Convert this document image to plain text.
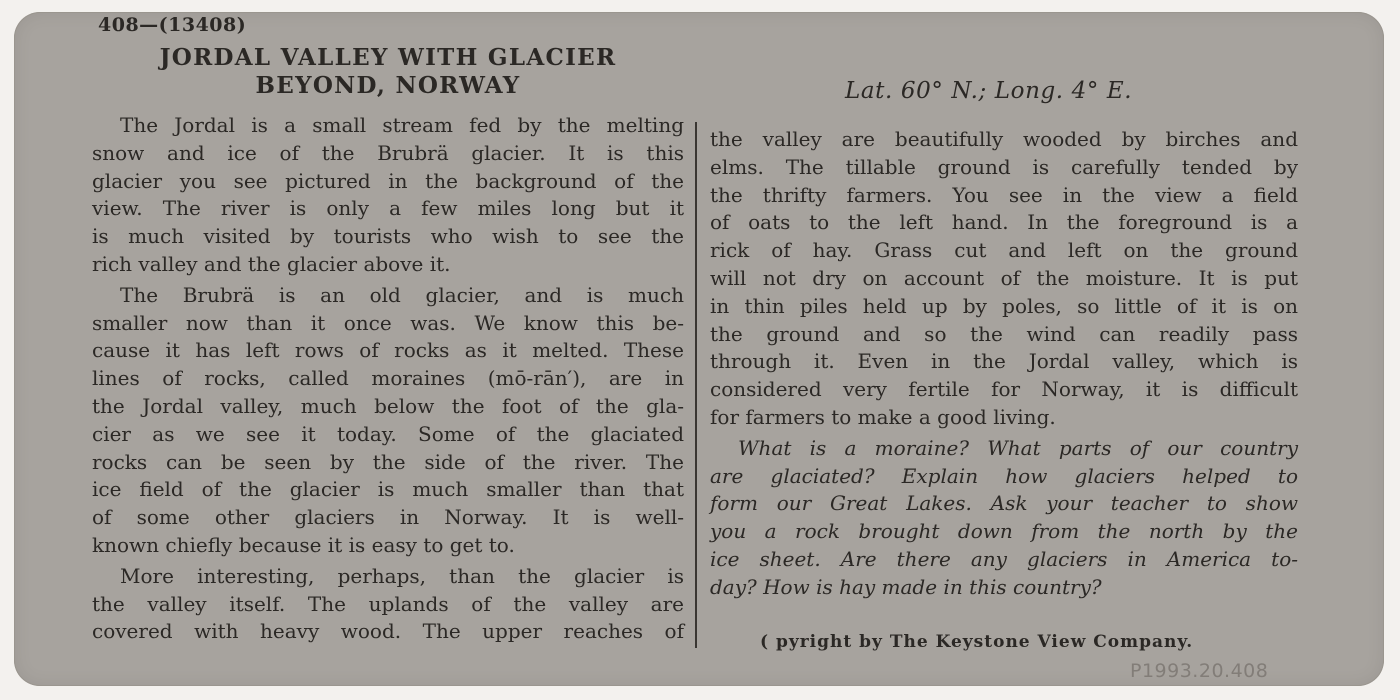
408—(13408)
JORDAL VALLEY WITH GLACIER
BEYOND, NORWAY	Lat. 60° N.; Long. 4° E.

The Jordal is a small stream fed by the melting

snow and ice of the Brubrä glacier. It is this

glacier you see pictured in the background of the

view. The river is only a few miles long but it

is much visited by tourists who wish to see the

rich valley and the glacier above it.

The Brubrä is an old glacier, and is much

smaller now than it once was. We know this be-

cause it has left rows of rocks as it melted. These

lines of rocks, called moraines (mō-rān′), are in

the Jordal valley, much below the foot of the gla-

cier as we see it today. Some of the glaciated

rocks can be seen by the side of the river. The

ice field of the glacier is much smaller than that

of some other glaciers in Norway. It is well-

known chiefly because it is easy to get to.

More interesting, perhaps, than the glacier is

the valley itself. The uplands of the valley are

covered with heavy wood. The upper reaches of

the valley are beautifully wooded by birches and

elms. The tillable ground is carefully tended by

the thrifty farmers. You see in the view a field

of oats to the left hand. In the foreground is a

rick of hay. Grass cut and left on the ground

will not dry on account of the moisture. It is put

in thin piles held up by poles, so little of it is on

the ground and so the wind can readily pass

through it. Even in the Jordal valley, which is

considered very fertile for Norway, it is difficult

for farmers to make a good living.

What is a moraine? What parts of our country

are glaciated? Explain how glaciers helped to

form our Great Lakes. Ask your teacher to show

you a rock brought down from the north by the

ice sheet. Are there any glaciers in America to-

day? How is hay made in this country?

( pyright by The Keystone View Company.
P1993.20.408
